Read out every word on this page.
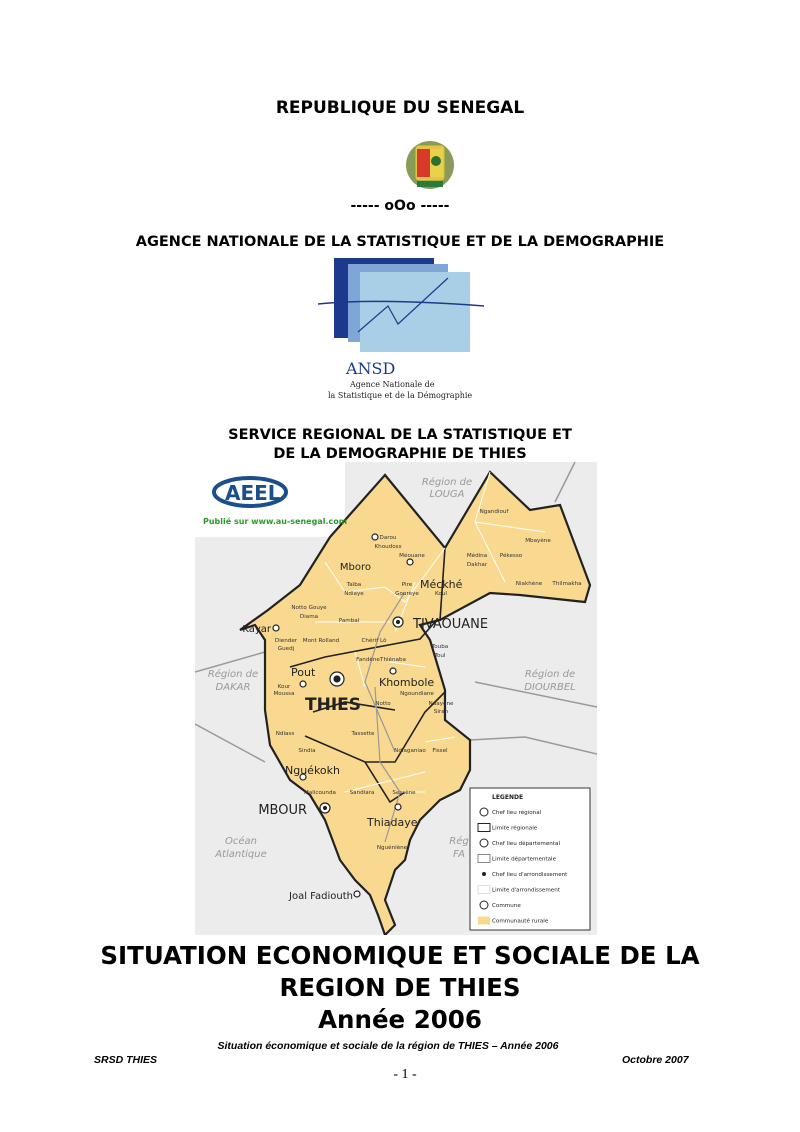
REPUBLIQUE DU SENEGAL
----- oOo -----
AGENCE NATIONALE DE LA STATISTIQUE ET DE LA DEMOGRAPHIE
ANSD
Agence Nationale de
la Statistique et de la Démographie
SERVICE REGIONAL DE LA STATISTIQUE ET
DE LA DEMOGRAPHIE DE THIES
Région de
LOUGA
Région de
DAKAR
Région de
DIOURBEL
Rég
FA
Océan
Atlantique
AEEL
Publié sur www.au-senegal.com
Mboro
Kayar
Méckhé
Pout
Khombole
Nguékokh
Thiadaye
Joal Fadiouth
TIVAOUANE
MBOUR
THIES
Darou
Khoudoss
Méouane	Médina
Dakhar
Ngandiouf
Mbayène
Pékesso
Niakhène Thilmakha
Taïba
Ndiaye
Pire
Gourèye	Koul
Notto Gouye
Diama
Pambal
Diender
Guedj
Mont Rolland	Chérif Lô
Fandène Thiénaba
Touba
Toul
Kour
Moussa	Ngoundiane
Notto	Ndayène
Sirah
Ndiass	Tassette
Sindia	Ndiaganiao Fissel
Malicounda Sandiara	Sessène
Nguéniène
LEGENDE
Chef lieu régional
Limite régionale
Chef lieu départemental
Limite départementale
Chef lieu d'arrondissement
Limite d'arrondissement
Commune
Communauté rurale
SITUATION ECONOMIQUE ET SOCIALE DE LA
REGION DE THIES
Année 2006
Situation économique et sociale de la région de THIES – Année 2006
SRSD THIES	Octobre 2007
- 1 -
